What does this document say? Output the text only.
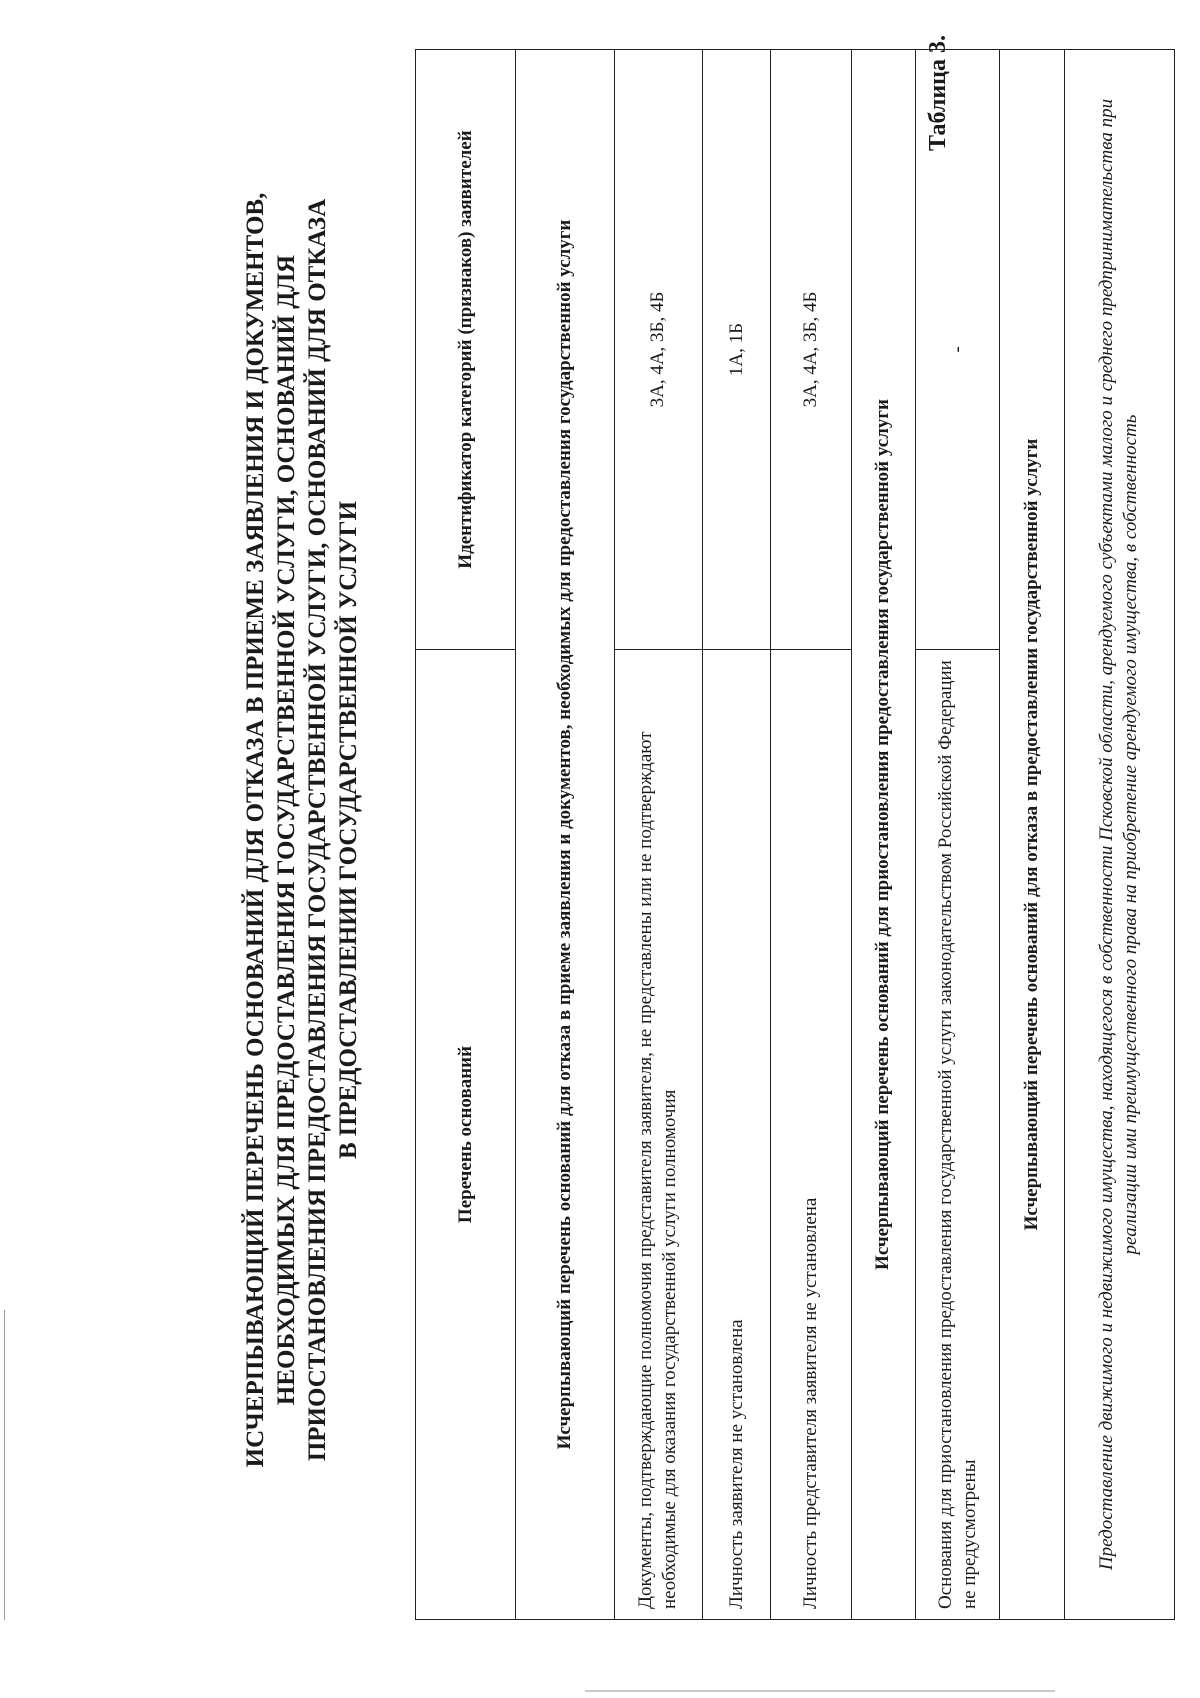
Таблица 3.
ИСЧЕРПЫВАЮЩИЙ ПЕРЕЧЕНЬ ОСНОВАНИЙ ДЛЯ ОТКАЗА В ПРИЕМЕ ЗАЯВЛЕНИЯ И ДОКУМЕНТОВ, НЕОБХОДИМЫХ ДЛЯ ПРЕДОСТАВЛЕНИЯ ГОСУДАРСТВЕННОЙ УСЛУГИ, ОСНОВАНИЙ ДЛЯ ПРИОСТАНОВЛЕНИЯ ПРЕДОСТАВЛЕНИЯ ГОСУДАРСТВЕННОЙ УСЛУГИ, ОСНОВАНИЙ ДЛЯ ОТКАЗА В ПРЕДОСТАВЛЕНИИ ГОСУДАРСТВЕННОЙ УСЛУГИ	Перечень оснований	Идентификатор категорий (признаков) заявителей
Исчерпывающий перечень оснований для отказа в приеме заявления и документов, необходимых для предоставления государственной услуги	
Документы, подтверждающие полномочия представителя заявителя, не представлены или не подтверждают необходимые для оказания государственной услуги полномочия	3А, 4А, 3Б, 4Б
Личность заявителя не установлена	1А, 1Б
Личность представителя заявителя не установлена	3А, 4А, 3Б, 4Б
Исчерпывающий перечень оснований для приостановления предоставления государственной услуги	
Основания для приостановления предоставления государственной услуги законодательством Российской Федерации не предусмотрены	-
Исчерпывающий перечень оснований для отказа в предоставлении государственной услуги	
Предоставление движимого и недвижимого имущества, находящегося в собственности Псковской области, арендуемого субъектами малого и среднего предпринимательства при реализации ими преимущественного права на приобретение арендуемого имущества, в собственность	
